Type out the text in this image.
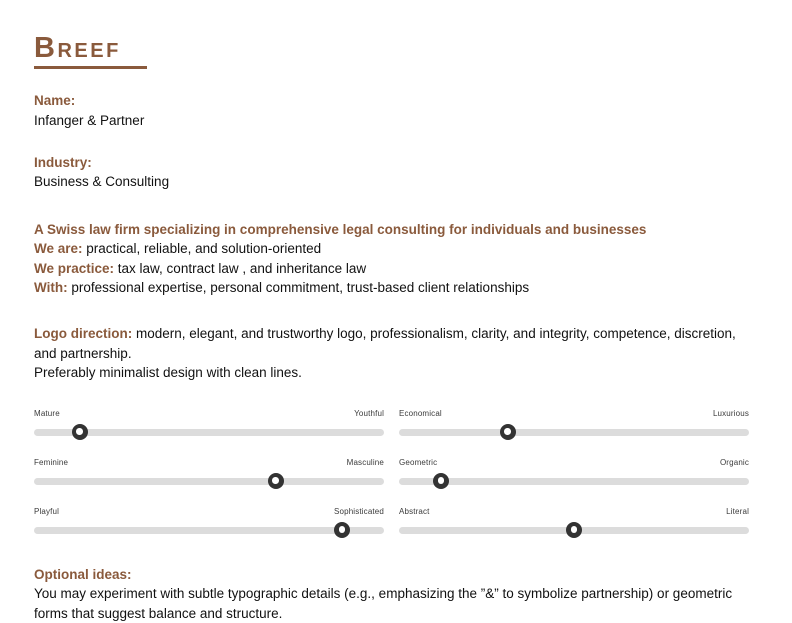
Breef
Name:
Infanger & Partner
Industry:
Business & Consulting
A Swiss law firm specializing in comprehensive legal consulting for individuals and businesses
We are: practical, reliable, and solution-oriented
We practice: tax law, contract law , and inheritance law
With: professional expertise, personal commitment, trust-based client relationships
Logo direction: modern, elegant, and trustworthy logo, professionalism, clarity, and integrity, competence, discretion, and partnership.
Preferably minimalist design with clean lines.
Mature	Youthful
Feminine	Masculine
Playful	Sophisticated
Economical	Luxurious
Geometric	Organic
Abstract	Literal
Optional ideas:
You may experiment with subtle typographic details (e.g., emphasizing the ”&” to symbolize partnership) or geometric forms that suggest balance and structure.
